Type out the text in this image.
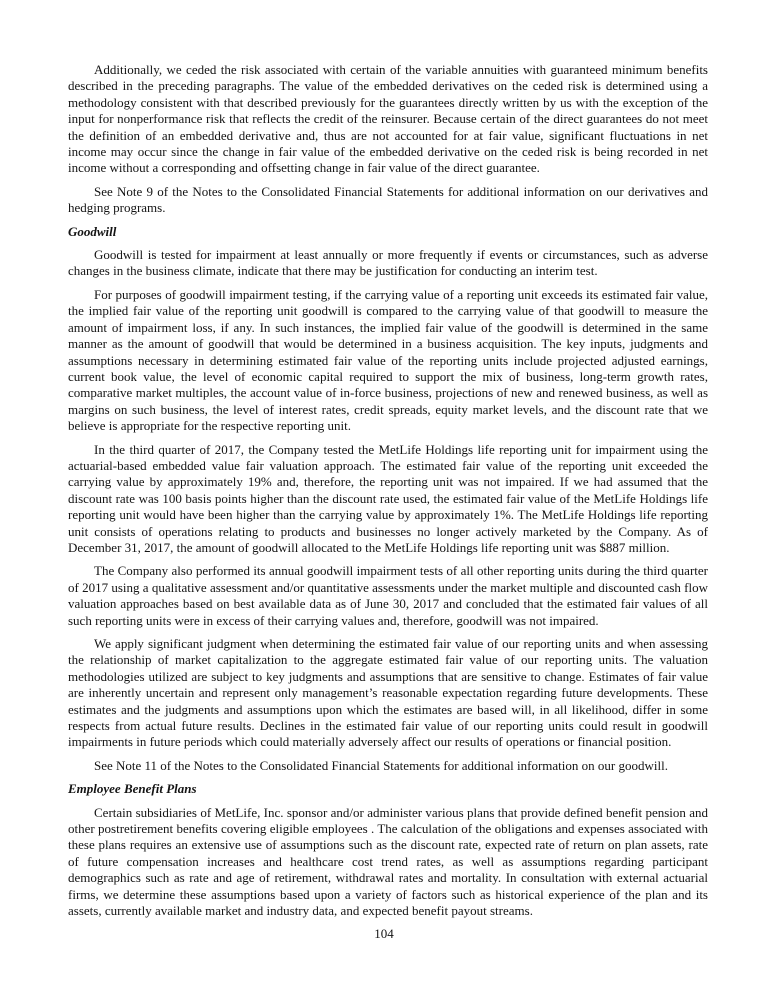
Additionally, we ceded the risk associated with certain of the variable annuities with guaranteed minimum benefits described in the preceding paragraphs. The value of the embedded derivatives on the ceded risk is determined using a methodology consistent with that described previously for the guarantees directly written by us with the exception of the input for nonperformance risk that reflects the credit of the reinsurer. Because certain of the direct guarantees do not meet the definition of an embedded derivative and, thus are not accounted for at fair value, significant fluctuations in net income may occur since the change in fair value of the embedded derivative on the ceded risk is being recorded in net income without a corresponding and offsetting change in fair value of the direct guarantee.

See Note 9 of the Notes to the Consolidated Financial Statements for additional information on our derivatives and hedging programs.

Goodwill

Goodwill is tested for impairment at least annually or more frequently if events or circumstances, such as adverse changes in the business climate, indicate that there may be justification for conducting an interim test.

For purposes of goodwill impairment testing, if the carrying value of a reporting unit exceeds its estimated fair value, the implied fair value of the reporting unit goodwill is compared to the carrying value of that goodwill to measure the amount of impairment loss, if any. In such instances, the implied fair value of the goodwill is determined in the same manner as the amount of goodwill that would be determined in a business acquisition. The key inputs, judgments and assumptions necessary in determining estimated fair value of the reporting units include projected adjusted earnings, current book value, the level of economic capital required to support the mix of business, long-term growth rates, comparative market multiples, the account value of in-force business, projections of new and renewed business, as well as margins on such business, the level of interest rates, credit spreads, equity market levels, and the discount rate that we believe is appropriate for the respective reporting unit.

In the third quarter of 2017, the Company tested the MetLife Holdings life reporting unit for impairment using the actuarial-based embedded value fair valuation approach. The estimated fair value of the reporting unit exceeded the carrying value by approximately 19% and, therefore, the reporting unit was not impaired. If we had assumed that the discount rate was 100 basis points higher than the discount rate used, the estimated fair value of the MetLife Holdings life reporting unit would have been higher than the carrying value by approximately 1%. The MetLife Holdings life reporting unit consists of operations relating to products and businesses no longer actively marketed by the Company. As of December 31, 2017, the amount of goodwill allocated to the MetLife Holdings life reporting unit was $887 million.

The Company also performed its annual goodwill impairment tests of all other reporting units during the third quarter of 2017 using a qualitative assessment and/or quantitative assessments under the market multiple and discounted cash flow valuation approaches based on best available data as of June 30, 2017 and concluded that the estimated fair values of all such reporting units were in excess of their carrying values and, therefore, goodwill was not impaired.

We apply significant judgment when determining the estimated fair value of our reporting units and when assessing the relationship of market capitalization to the aggregate estimated fair value of our reporting units. The valuation methodologies utilized are subject to key judgments and assumptions that are sensitive to change. Estimates of fair value are inherently uncertain and represent only management’s reasonable expectation regarding future developments. These estimates and the judgments and assumptions upon which the estimates are based will, in all likelihood, differ in some respects from actual future results. Declines in the estimated fair value of our reporting units could result in goodwill impairments in future periods which could materially adversely affect our results of operations or financial position.

See Note 11 of the Notes to the Consolidated Financial Statements for additional information on our goodwill.

Employee Benefit Plans

Certain subsidiaries of MetLife, Inc. sponsor and/or administer various plans that provide defined benefit pension and other postretirement benefits covering eligible employees . The calculation of the obligations and expenses associated with these plans requires an extensive use of assumptions such as the discount rate, expected rate of return on plan assets, rate of future compensation increases and healthcare cost trend rates, as well as assumptions regarding participant demographics such as rate and age of retirement, withdrawal rates and mortality. In consultation with external actuarial firms, we determine these assumptions based upon a variety of factors such as historical experience of the plan and its assets, currently available market and industry data, and expected benefit payout streams.

104
